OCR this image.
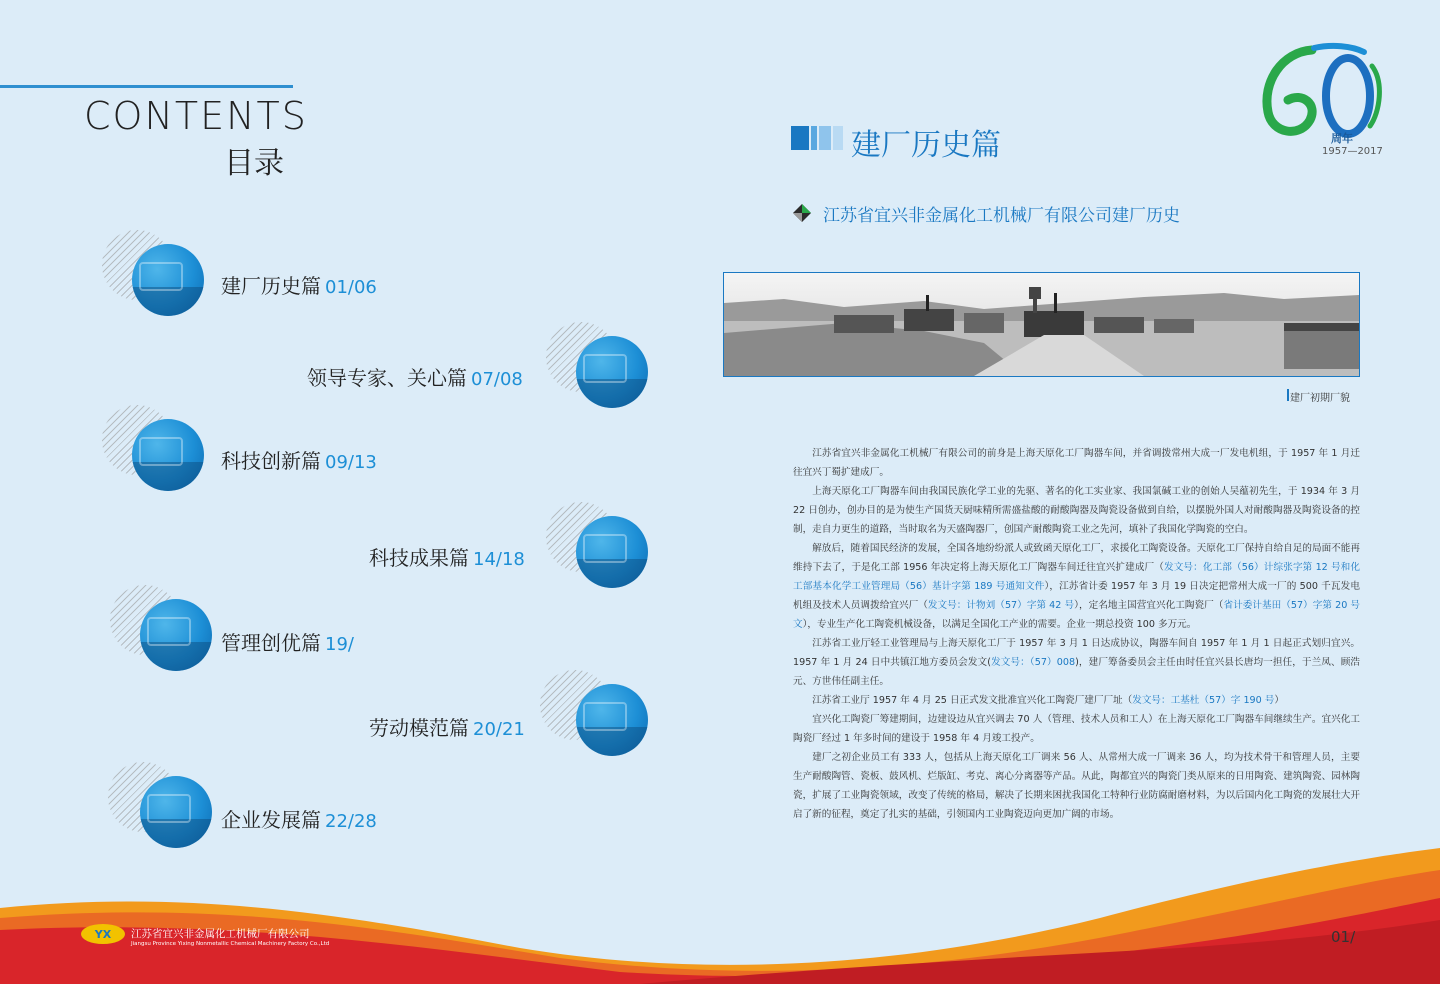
CONTENTS
目录
建厂历史篇 01/06
领导专家、关心篇 07/08
科技创新篇 09/13
科技成果篇 14/18
管理创优篇 19/
劳动模范篇 20/21
企业发展篇 22/28
建厂历史篇	周年
1957—2017
江苏省宜兴非金属化工机械厂有限公司建厂历史
建厂初期厂貌

江苏省宜兴非金属化工机械厂有限公司的前身是上海天原化工厂陶器车间，并省调拨常州大成一厂发电机组，于 1957 年 1 月迁往宜兴丁蜀扩建成厂。

上海天原化工厂陶器车间由我国民族化学工业的先驱、著名的化工实业家、我国氯碱工业的创始人吴蕴初先生，于 1934 年 3 月 22 日创办，创办目的是为使生产国货天厨味精所需盛盐酸的耐酸陶器及陶瓷设备做到自给，以摆脱外国人对耐酸陶器及陶瓷设备的控制，走自力更生的道路，当时取名为天盛陶器厂，创国产耐酸陶瓷工业之先河，填补了我国化学陶瓷的空白。

解放后，随着国民经济的发展，全国各地纷纷派人或致函天原化工厂，求援化工陶瓷设备。天原化工厂保持自给自足的局面不能再维持下去了，于是化工部 1956 年决定将上海天原化工厂陶器车间迁往宜兴扩建成厂（发文号：化工部（56）计综张字第 12 号和化工部基本化学工业管理局（56）基计字第 189 号通知文件），江苏省计委 1957 年 3 月 19 日决定把常州大成一厂的 500 千瓦发电机组及技术人员调拨给宜兴厂（发文号：计物刘（57）字第 42 号），定名地主国营宜兴化工陶瓷厂（省计委计基田（57）字第 20 号文），专业生产化工陶瓷机械设备，以满足全国化工产业的需要。企业一期总投资 100 多万元。

江苏省工业厅轻工业管理局与上海天原化工厂于 1957 年 3 月 1 日达成协议，陶器车间自 1957 年 1 月 1 日起正式划归宜兴。1957 年 1 月 24 日中共镇江地方委员会发文(发文号：（57）008)，建厂筹备委员会主任由时任宜兴县长唐均一担任，于兰凤、顾浩元、方世伟任副主任。

江苏省工业厅 1957 年 4 月 25 日正式发文批准宜兴化工陶瓷厂建厂厂址（发文号：工基杜（57）字 190 号）

宜兴化工陶瓷厂筹建期间，边建设边从宜兴调去 70 人（管理、技术人员和工人）在上海天原化工厂陶器车间继续生产。宜兴化工陶瓷厂经过 1 年多时间的建设于 1958 年 4 月竣工投产。

建厂之初企业员工有 333 人，包括从上海天原化工厂调来 56 人、从常州大成一厂调来 36 人，均为技术骨干和管理人员，主要生产耐酸陶管、瓷板、鼓风机、烂版缸、考克、离心分离器等产品。从此，陶都宜兴的陶瓷门类从原来的日用陶瓷、建筑陶瓷、园林陶瓷，扩展了工业陶瓷领域，改变了传统的格局，解决了长期来困扰我国化工特种行业防腐耐磨材料，为以后国内化工陶瓷的发展壮大开启了新的征程，奠定了扎实的基础，引领国内工业陶瓷迈向更加广阔的市场。

YX 江苏省宜兴非金属化工机械厂有限公司
Jiangsu Province Yixing Nonmetallic Chemical Machinery Factory Co.,Ltd	01/
